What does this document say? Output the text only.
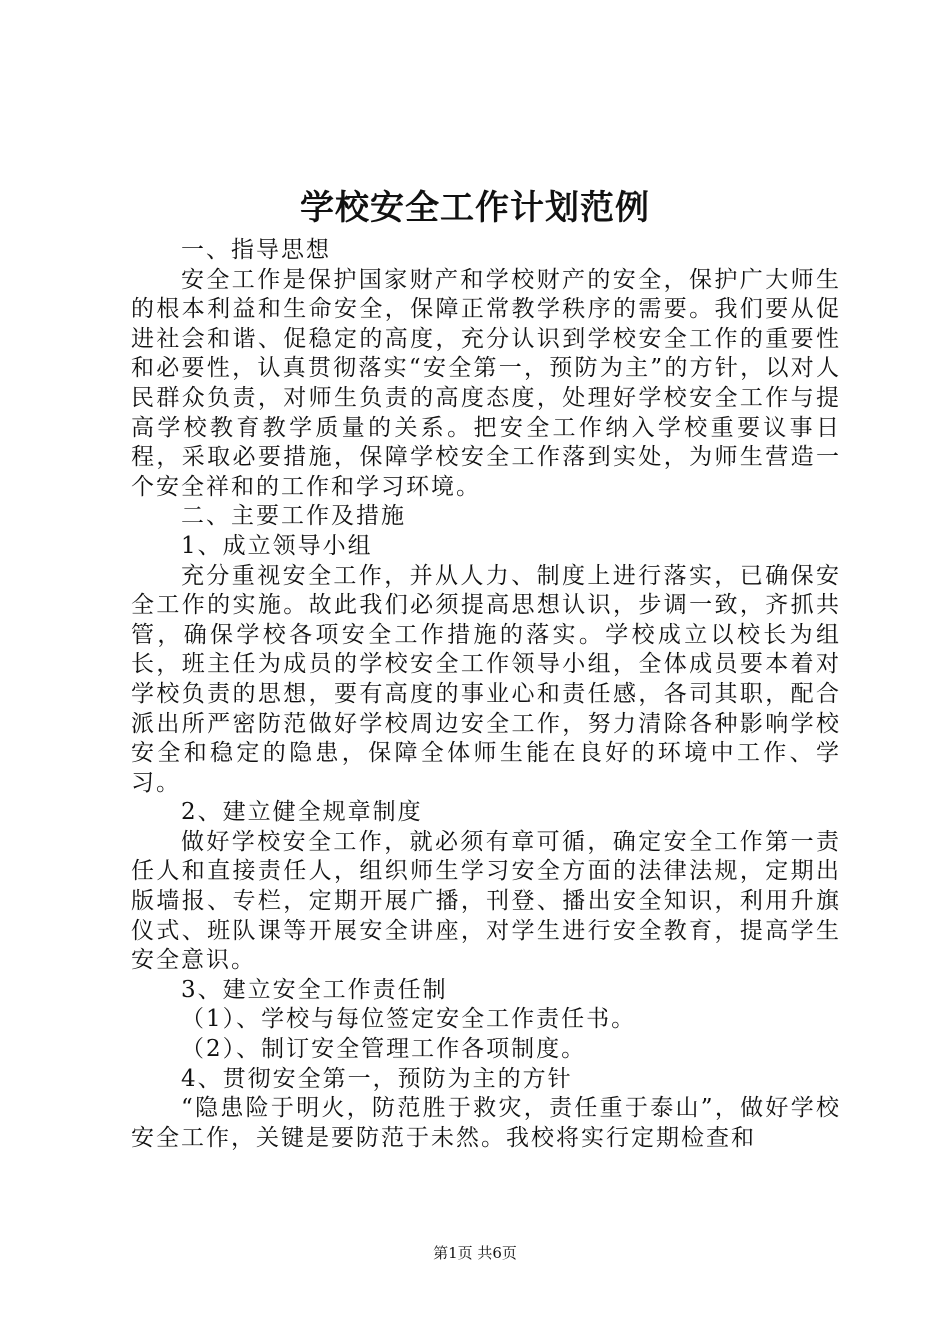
学校安全工作计划范例

一、指导思想

安全工作是保护国家财产和学校财产的安全，保护广大师生的根本利益和生命安全，保障正常教学秩序的需要。我们要从促进社会和谐、促稳定的高度，充分认识到学校安全工作的重要性和必要性，认真贯彻落实“安全第一，预防为主”的方针，以对人民群众负责，对师生负责的高度态度，处理好学校安全工作与提高学校教育教学质量的关系。把安全工作纳入学校重要议事日程，采取必要措施，保障学校安全工作落到实处，为师生营造一个安全祥和的工作和学习环境。

二、主要工作及措施

1、成立领导小组

充分重视安全工作，并从人力、制度上进行落实，已确保安全工作的实施。故此我们必须提高思想认识，步调一致，齐抓共管，确保学校各项安全工作措施的落实。学校成立以校长为组长，班主任为成员的学校安全工作领导小组，全体成员要本着对学校负责的思想，要有高度的事业心和责任感，各司其职，配合派出所严密防范做好学校周边安全工作，努力清除各种影响学校安全和稳定的隐患，保障全体师生能在良好的环境中工作、学习。

2、建立健全规章制度

做好学校安全工作，就必须有章可循，确定安全工作第一责任人和直接责任人，组织师生学习安全方面的法律法规，定期出版墙报、专栏，定期开展广播，刊登、播出安全知识，利用升旗仪式、班队课等开展安全讲座，对学生进行安全教育，提高学生安全意识。

3、建立安全工作责任制

（1）、学校与每位签定安全工作责任书。

（2）、制订安全管理工作各项制度。

4、贯彻安全第一，预防为主的方针

“隐患险于明火，防范胜于救灾，责任重于泰山”，做好学校安全工作，关键是要防范于未然。我校将实行定期检查和

第1页 共6页
